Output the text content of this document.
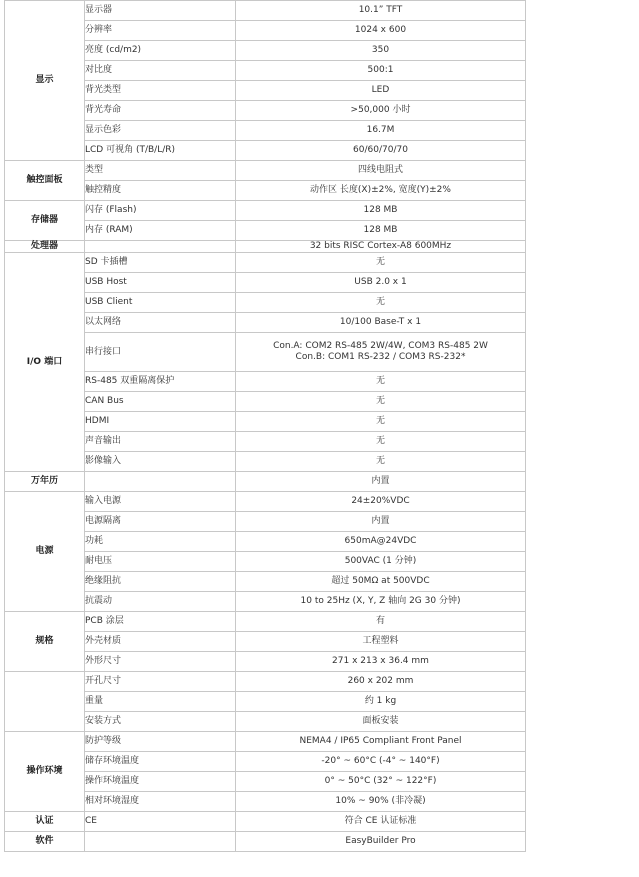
显示	显示器	10.1” TFT
	分辨率	1024 x 600
	亮度 (cd/m2)	350
	对比度	500:1
	背光类型	LED
	背光寿命	>50,000 小时
	显示色彩	16.7M
	LCD 可视角 (T/B/L/R)	60/60/70/70
触控面板	类型	四线电阻式
	触控精度	动作区 长度(X)±2%, 宽度(Y)±2%
存储器	闪存 (Flash)	128 MB
	内存 (RAM)	128 MB
处理器		32 bits RISC Cortex-A8 600MHz
I/O 端口	SD 卡插槽	无
	USB Host	USB 2.0 x 1
	USB Client	无
	以太网络	10/100 Base-T x 1
	串行接口	Con.A: COM2 RS-485 2W/4W, COM3 RS-485 2W
Con.B: COM1 RS-232 / COM3 RS-232*

	RS-485 双重隔离保护	无
	CAN Bus	无
	HDMI	无
	声音输出	无
	影像输入	无
万年历		内置
电源	输入电源	24±20%VDC
	电源隔离	内置
	功耗	650mA@24VDC
	耐电压	500VAC (1 分钟)
	绝缘阻抗	超过 50MΩ at 500VDC
	抗震动	10 to 25Hz (X, Y, Z 轴向 2G 30 分钟)
规格	PCB 涂层	有
	外壳材质	工程塑料
	外形尺寸	271 x 213 x 36.4 mm
	开孔尺寸	260 x 202 mm
	重量	约 1 kg
	安装方式	面板安装
操作环境	防护等级	NEMA4 / IP65 Compliant Front Panel
	储存环境温度	-20° ~ 60°C (-4° ~ 140°F)
	操作环境温度	0° ~ 50°C (32° ~ 122°F)
	相对环境湿度	10% ~ 90% (非冷凝)
认证	CE	符合 CE 认证标准
软件		EasyBuilder Pro
